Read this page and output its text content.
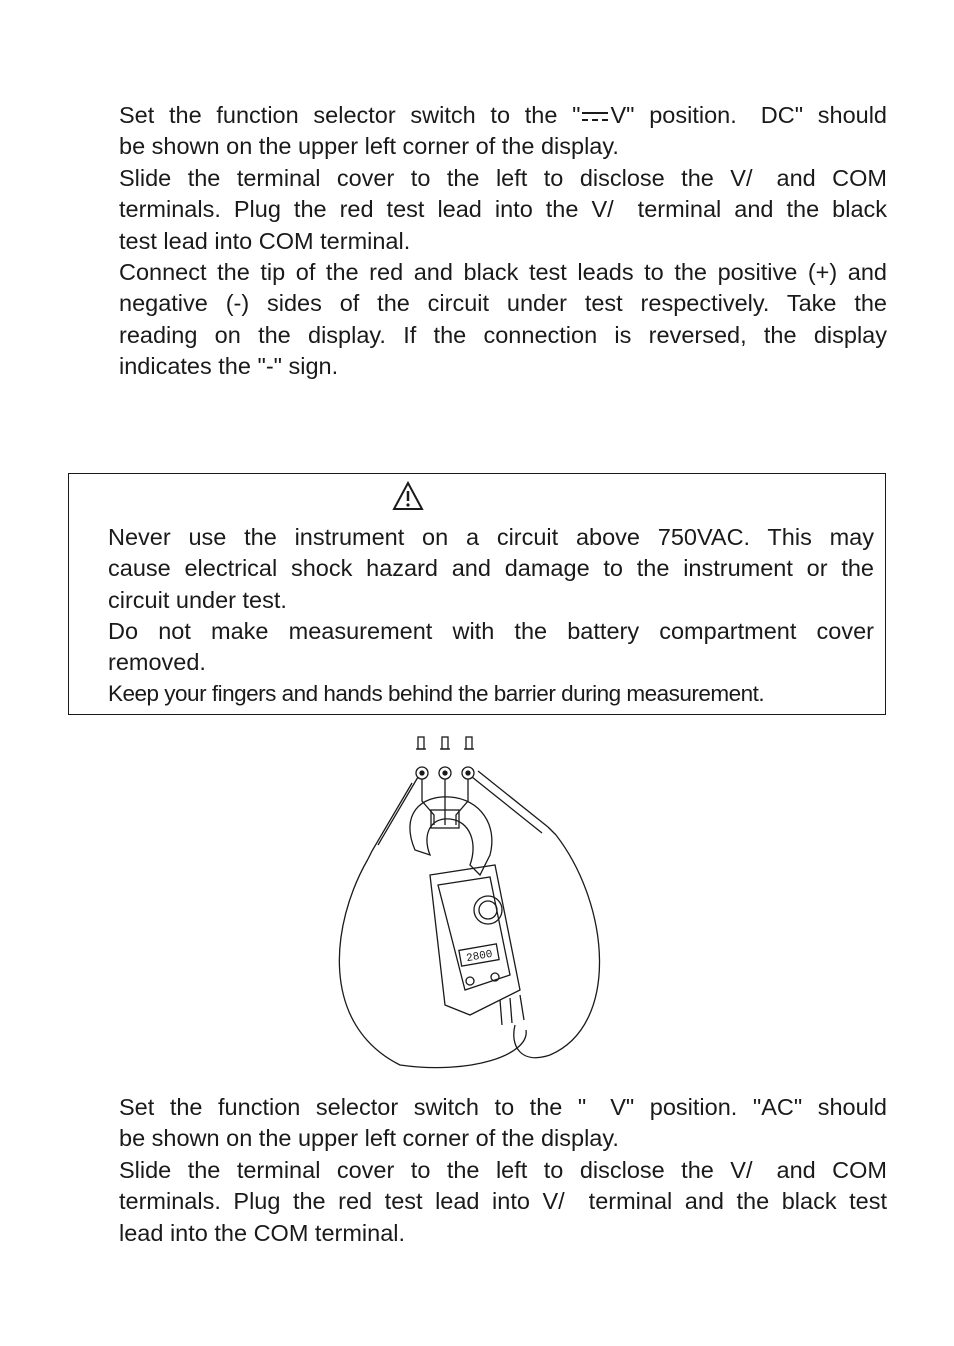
Set the function selector switch to the " V" position. DC" should
be shown on the upper left corner of the display.
Slide the terminal cover to the left to disclose the V/ and COM
terminals. Plug the red test lead into the V/ terminal and the black
test lead into COM terminal.
Connect the tip of the red and black test leads to the positive (+) and
negative (-) sides of the circuit under test respectively. Take the
reading on the display. If the connection is reversed, the display
indicates the "-" sign.
Never use the instrument on a circuit above 750VAC. This may
cause electrical shock hazard and damage to the instrument or the
circuit under test.
Do not make measurement with the battery compartment cover
removed.
Keep your fingers and hands behind the barrier during measurement.
2800
Set the function selector switch to the " V" position. "AC" should
be shown on the upper left corner of the display.
Slide the terminal cover to the left to disclose the V/ and COM
terminals. Plug the red test lead into V/ terminal and the black test
lead into the COM terminal.
